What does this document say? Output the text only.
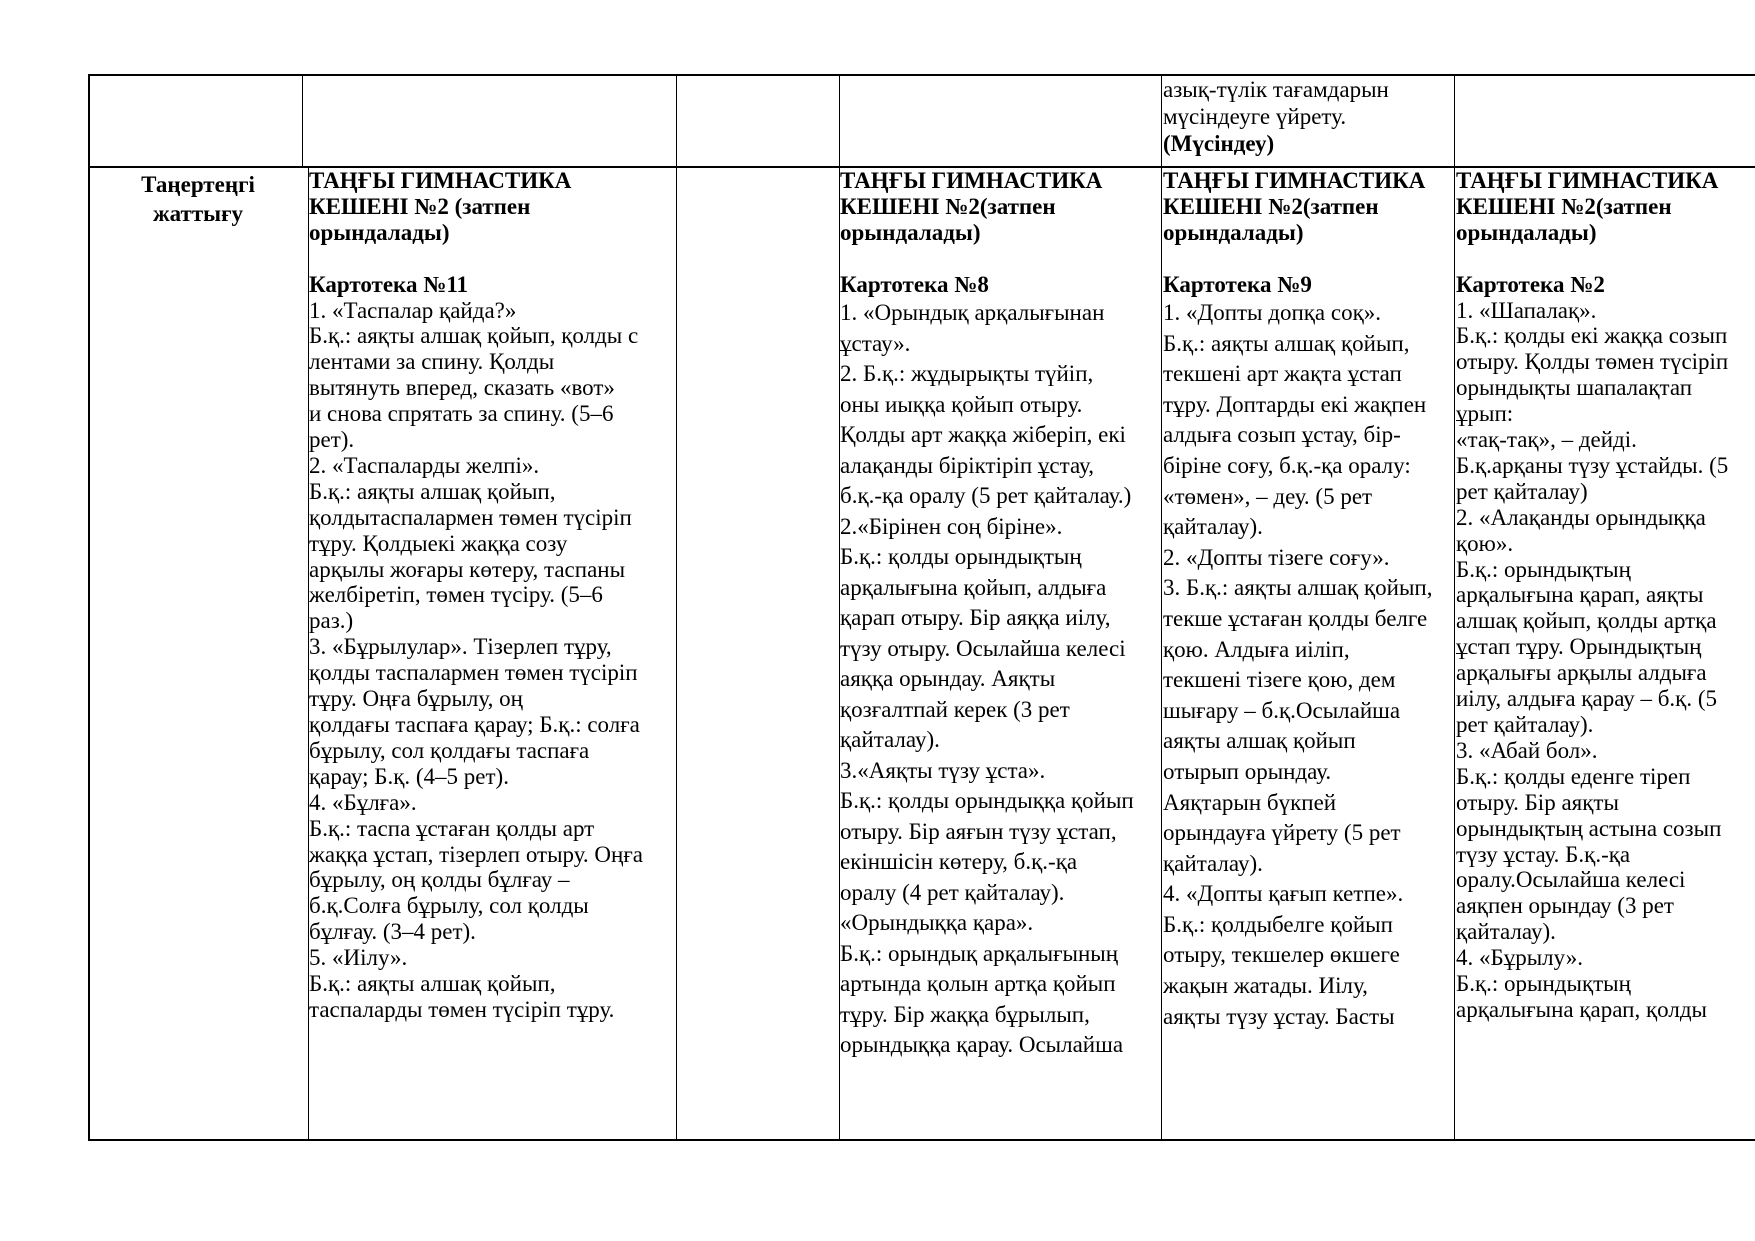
азық-түлік тағамдарын
мүсіндеуге үйрету.
(Мүсіндеу)
Таңертеңгі
жаттығу
ТАҢҒЫ ГИМНАСТИКА
КЕШЕНІ №2 (затпен
орындалады)
Картотека №11
1. «Таспалар қайда?»
Б.қ.: аяқты алшақ қойып, қолды с
лентами за спину. Қолды
вытянуть вперед, сказать «вот»
и снова спрятать за спину. (5–6
рет).
2. «Таспаларды желпі».
Б.қ.: аяқты алшақ қойып,
қолдытаспалармен төмен түсіріп
тұру. Қолдыекі жаққа созу
арқылы жоғары көтеру, таспаны
желбіретіп, төмен түсіру. (5–6
раз.)
3. «Бұрылулар». Тізерлеп тұру,
қолды таспалармен төмен түсіріп
тұру. Оңға бұрылу, оң
қолдағы таспаға қарау; Б.қ.: солға
бұрылу, сол қолдағы таспаға
қарау; Б.қ. (4–5 рет).
4. «Бұлға».
Б.қ.: таспа ұстаған қолды арт
жаққа ұстап, тізерлеп отыру. Оңға
бұрылу, оң қолды бұлғау –
б.қ.Солға бұрылу, сол қолды
бұлғау. (3–4 рет).
5. «Иілу».
Б.қ.: аяқты алшақ қойып,
таспаларды төмен түсіріп тұру.
ТАҢҒЫ ГИМНАСТИКА
КЕШЕНІ №2(затпен
орындалады)
Картотека №8
1. «Орындық арқалығынан
ұстау».
2. Б.қ.: жұдырықты түйіп,
оны иыққа қойып отыру.
Қолды арт жаққа жіберіп, екі
алақанды біріктіріп ұстау,
б.қ.-қа оралу (5 рет қайталау.)
2.«Бірінен соң біріне».
Б.қ.: қолды орындықтың
арқалығына қойып, алдыға
қарап отыру. Бір аяққа иілу,
түзу отыру. Осылайша келесі
аяққа орындау. Аяқты
қозғалтпай керек (3 рет
қайталау).
3.«Аяқты түзу ұста».
Б.қ.: қолды орындыққа қойып
отыру. Бір аяғын түзу ұстап,
екіншісін көтеру, б.қ.-қа
оралу (4 рет қайталау).
«Орындыққа қара».
Б.қ.: орындық арқалығының
артында қолын артқа қойып
тұру. Бір жаққа бұрылып,
орындыққа қарау. Осылайша
ТАҢҒЫ ГИМНАСТИКА
КЕШЕНІ №2(затпен
орындалады)
Картотека №9
1. «Допты допқа соқ».
Б.қ.: аяқты алшақ қойып,
текшені арт жақта ұстап
тұру. Доптарды екі жақпен
алдыға созып ұстау, бір-
біріне соғу, б.қ.-қа оралу:
«төмен», – деу. (5 рет
қайталау).
2. «Допты тізеге соғу».
3. Б.қ.: аяқты алшақ қойып,
текше ұстаған қолды белге
қою. Алдыға иіліп,
текшені тізеге қою, дем
шығару – б.қ.Осылайша
аяқты алшақ қойып
отырып орындау.
Аяқтарын бүкпей
орындауға үйрету (5 рет
қайталау).
4. «Допты қағып кетпе».
Б.қ.: қолдыбелге қойып
отыру, текшелер өкшеге
жақын жатады. Иілу,
аяқты түзу ұстау. Басты
ТАҢҒЫ ГИМНАСТИКА
КЕШЕНІ №2(затпен
орындалады)
Картотека №2
1. «Шапалақ».
Б.қ.: қолды екі жаққа созып
отыру. Қолды төмен түсіріп
орындықты шапалақтап
ұрып:
«тақ-тақ», – дейді.
Б.қ.арқаны түзу ұстайды. (5
рет қайталау)
2. «Алақанды орындыққа
қою».
Б.қ.: орындықтың
арқалығына қарап, аяқты
алшақ қойып, қолды артқа
ұстап тұру. Орындықтың
арқалығы арқылы алдыға
иілу, алдыға қарау – б.қ. (5
рет қайталау).
3. «Абай бол».
Б.қ.: қолды еденге тіреп
отыру. Бір аяқты
орындықтың астына созып
түзу ұстау. Б.қ.-қа
оралу.Осылайша келесі
аяқпен орындау (3 рет
қайталау).
4. «Бұрылу».
Б.қ.: орындықтың
арқалығына қарап, қолды
